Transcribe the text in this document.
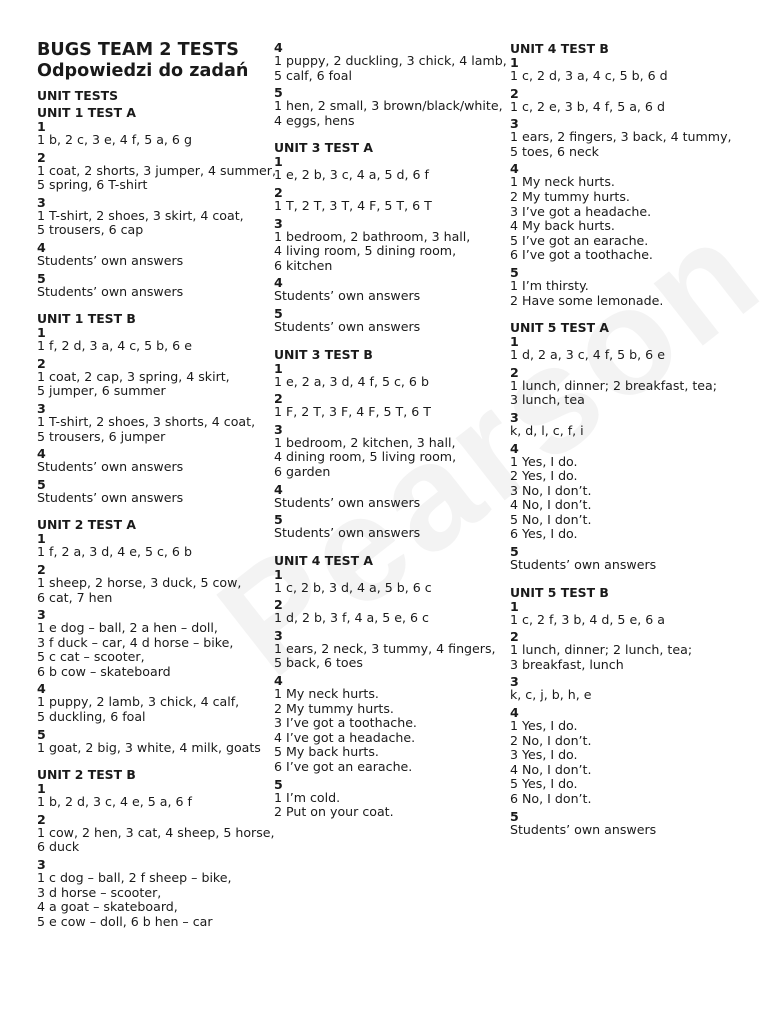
BUGS TEAM 2 TESTS
Odpowiedzi do zadań
UNIT TESTS
UNIT 1 TEST A
1
1 b, 2 c, 3 e, 4 f, 5 a, 6 g
2
1 coat, 2 shorts, 3 jumper, 4 summer,
5 spring, 6 T-shirt
3
1 T-shirt, 2 shoes, 3 skirt, 4 coat,
5 trousers, 6 cap
4
Students’ own answers
5
Students’ own answers
UNIT 1 TEST B
1
1 f, 2 d, 3 a, 4 c, 5 b, 6 e
2
1 coat, 2 cap, 3 spring, 4 skirt,
5 jumper, 6 summer
3
1 T-shirt, 2 shoes, 3 shorts, 4 coat,
5 trousers, 6 jumper
4
Students’ own answers
5
Students’ own answers
UNIT 2 TEST A
1
1 f, 2 a, 3 d, 4 e, 5 c, 6 b
2
1 sheep, 2 horse, 3 duck, 5 cow,
6 cat, 7 hen
3
1 e dog – ball, 2 a hen – doll,
3 f duck – car, 4 d horse – bike,
5 c cat – scooter,
6 b cow – skateboard
4
1 puppy, 2 lamb, 3 chick, 4 calf,
5 duckling, 6 foal
5
1 goat, 2 big, 3 white, 4 milk, goats
UNIT 2 TEST B
1
1 b, 2 d, 3 c, 4 e, 5 a, 6 f
2
1 cow, 2 hen, 3 cat, 4 sheep, 5 horse,
6 duck
3
1 c dog – ball, 2 f sheep – bike,
3 d horse – scooter,
4 a goat – skateboard,
5 e cow – doll, 6 b hen – car
4
1 puppy, 2 duckling, 3 chick, 4 lamb,
5 calf, 6 foal
5
1 hen, 2 small, 3 brown/black/white,
4 eggs, hens
UNIT 3 TEST A
1
1 e, 2 b, 3 c, 4 a, 5 d, 6 f
2
1 T, 2 T, 3 T, 4 F, 5 T, 6 T
3
1 bedroom, 2 bathroom, 3 hall,
4 living room, 5 dining room,
6 kitchen
4
Students’ own answers
5
Students’ own answers
UNIT 3 TEST B
1
1 e, 2 a, 3 d, 4 f, 5 c, 6 b
2
1 F, 2 T, 3 F, 4 F, 5 T, 6 T
3
1 bedroom, 2 kitchen, 3 hall,
4 dining room, 5 living room,
6 garden
4
Students’ own answers
5
Students’ own answers
UNIT 4 TEST A
1
1 c, 2 b, 3 d, 4 a, 5 b, 6 c
2
1 d, 2 b, 3 f, 4 a, 5 e, 6 c
3
1 ears, 2 neck, 3 tummy, 4 fingers,
5 back, 6 toes
4
1 My neck hurts.
2 My tummy hurts.
3 I’ve got a toothache.
4 I’ve got a headache.
5 My back hurts.
6 I’ve got an earache.
5
1 I’m cold.
2 Put on your coat.
UNIT 4 TEST B
1
1 c, 2 d, 3 a, 4 c, 5 b, 6 d
2
1 c, 2 e, 3 b, 4 f, 5 a, 6 d
3
1 ears, 2 fingers, 3 back, 4 tummy,
5 toes, 6 neck
4
1 My neck hurts.
2 My tummy hurts.
3 I’ve got a headache.
4 My back hurts.
5 I’ve got an earache.
6 I’ve got a toothache.
5
1 I’m thirsty.
2 Have some lemonade.
UNIT 5 TEST A
1
1 d, 2 a, 3 c, 4 f, 5 b, 6 e
2
1 lunch, dinner; 2 breakfast, tea;
3 lunch, tea
3
k, d, l, c, f, i
4
1 Yes, I do.
2 Yes, I do.
3 No, I don’t.
4 No, I don’t.
5 No, I don’t.
6 Yes, I do.
5
Students’ own answers
UNIT 5 TEST B
1
1 c, 2 f, 3 b, 4 d, 5 e, 6 a
2
1 lunch, dinner; 2 lunch, tea;
3 breakfast, lunch
3
k, c, j, b, h, e
4
1 Yes, I do.
2 No, I don’t.
3 Yes, I do.
4 No, I don’t.
5 Yes, I do.
6 No, I don’t.
5
Students’ own answers
